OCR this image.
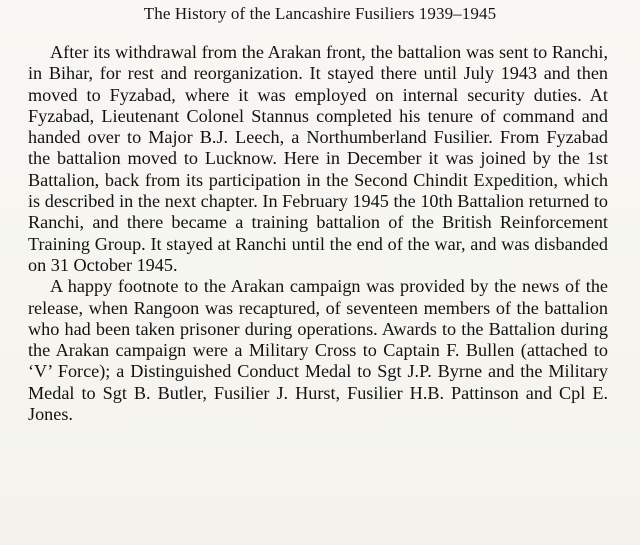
The History of the Lancashire Fusiliers 1939–1945

After its withdrawal from the Arakan front, the battalion was sent to Ranchi, in Bihar, for rest and reorganization. It stayed there until July 1943 and then moved to Fyzabad, where it was employed on internal security duties. At Fyzabad, Lieutenant Colonel Stannus completed his tenure of command and handed over to Major B.J. Leech, a Northumberland Fusilier. From Fyzabad the battalion moved to Lucknow. Here in December it was joined by the 1st Battalion, back from its participation in the Second Chindit Expedition, which is described in the next chapter. In February 1945 the 10th Battalion returned to Ranchi, and there became a training battalion of the British Reinforcement Training Group. It stayed at Ranchi until the end of the war, and was disbanded on 31 October 1945.

A happy footnote to the Arakan campaign was provided by the news of the release, when Rangoon was recaptured, of seventeen members of the battalion who had been taken prisoner during operations. Awards to the Battalion during the Arakan campaign were a Military Cross to Captain F. Bullen (attached to ‘V’ Force); a Distinguished Conduct Medal to Sgt J.P. Byrne and the Military Medal to Sgt B. Butler, Fusilier J. Hurst, Fusilier H.B. Pattinson and Cpl E. Jones.
